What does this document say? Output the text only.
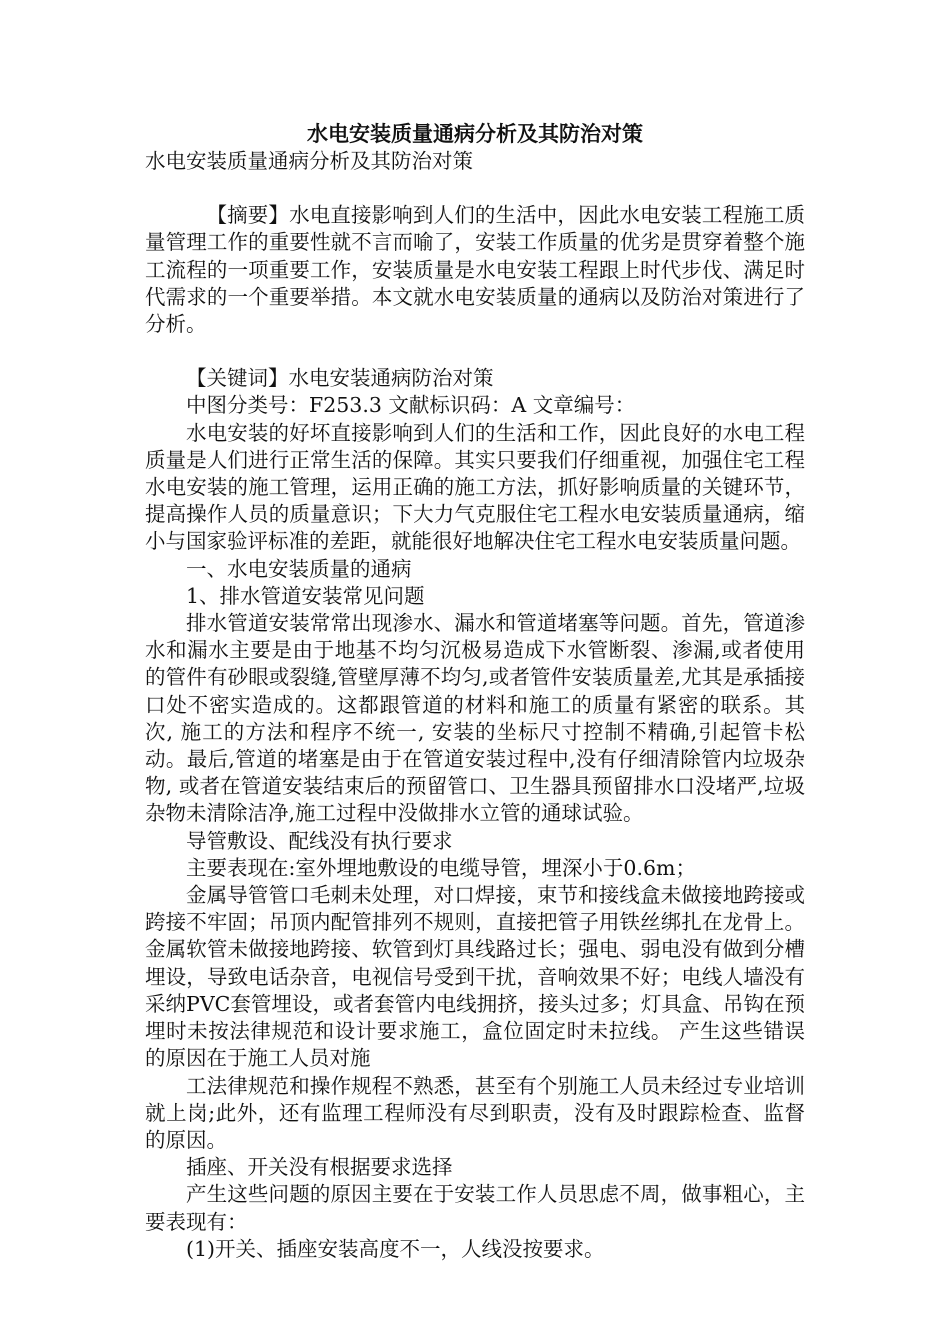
水电安装质量通病分析及其防治对策

水电安装质量通病分析及其防治对策

【摘要】水电直接影响到人们的生活中，因此水电安装工程施工质量管理工作的重要性就不言而喻了，安装工作质量的优劣是贯穿着整个施工流程的一项重要工作，安装质量是水电安装工程跟上时代步伐、满足时代需求的一个重要举措。本文就水电安装质量的通病以及防治对策进行了分析。

【关键词】水电安装通病防治对策

中图分类号：F253.3 文献标识码：A 文章编号：

水电安装的好坏直接影响到人们的生活和工作，因此良好的水电工程质量是人们进行正常生活的保障。其实只要我们仔细重视，加强住宅工程水电安装的施工管理，运用正确的施工方法，抓好影响质量的关键环节，提高操作人员的质量意识；下大力气克服住宅工程水电安装质量通病，缩小与国家验评标准的差距，就能很好地解决住宅工程水电安装质量问题。

一、水电安装质量的通病

1、排水管道安装常见问题

排水管道安装常常出现渗水、漏水和管道堵塞等问题。首先，管道渗水和漏水主要是由于地基不均匀沉极易造成下水管断裂、渗漏,或者使用的管件有砂眼或裂缝,管壁厚薄不均匀,或者管件安装质量差,尤其是承插接口处不密实造成的。这都跟管道的材料和施工的质量有紧密的联系。其次, 施工的方法和程序不统一, 安装的坐标尺寸控制不精确,引起管卡松动。最后,管道的堵塞是由于在管道安装过程中,没有仔细清除管内垃圾杂物, 或者在管道安装结束后的预留管口、卫生器具预留排水口没堵严,垃圾杂物未清除洁净,施工过程中没做排水立管的通球试验。

导管敷设、配线没有执行要求

主要表现在:室外埋地敷设的电缆导管，埋深小于0.6m；

金属导管管口毛刺未处理，对口焊接，束节和接线盒未做接地跨接或跨接不牢固；吊顶内配管排列不规则，直接把管子用铁丝绑扎在龙骨上。金属软管未做接地跨接、软管到灯具线路过长；强电、弱电没有做到分槽埋设，导致电话杂音，电视信号受到干扰，音响效果不好；电线人墙没有采纳PVC套管埋设，或者套管内电线拥挤，接头过多；灯具盒、吊钩在预埋时未按法律规范和设计要求施工，盒位固定时未拉线。 产生这些错误的原因在于施工人员对施

工法律规范和操作规程不熟悉，甚至有个别施工人员未经过专业培训就上岗;此外，还有监理工程师没有尽到职责，没有及时跟踪检查、监督的原因。

插座、开关没有根据要求选择

产生这些问题的原因主要在于安装工作人员思虑不周，做事粗心，主要表现有：

(1)开关、插座安装高度不一，人线没按要求。
